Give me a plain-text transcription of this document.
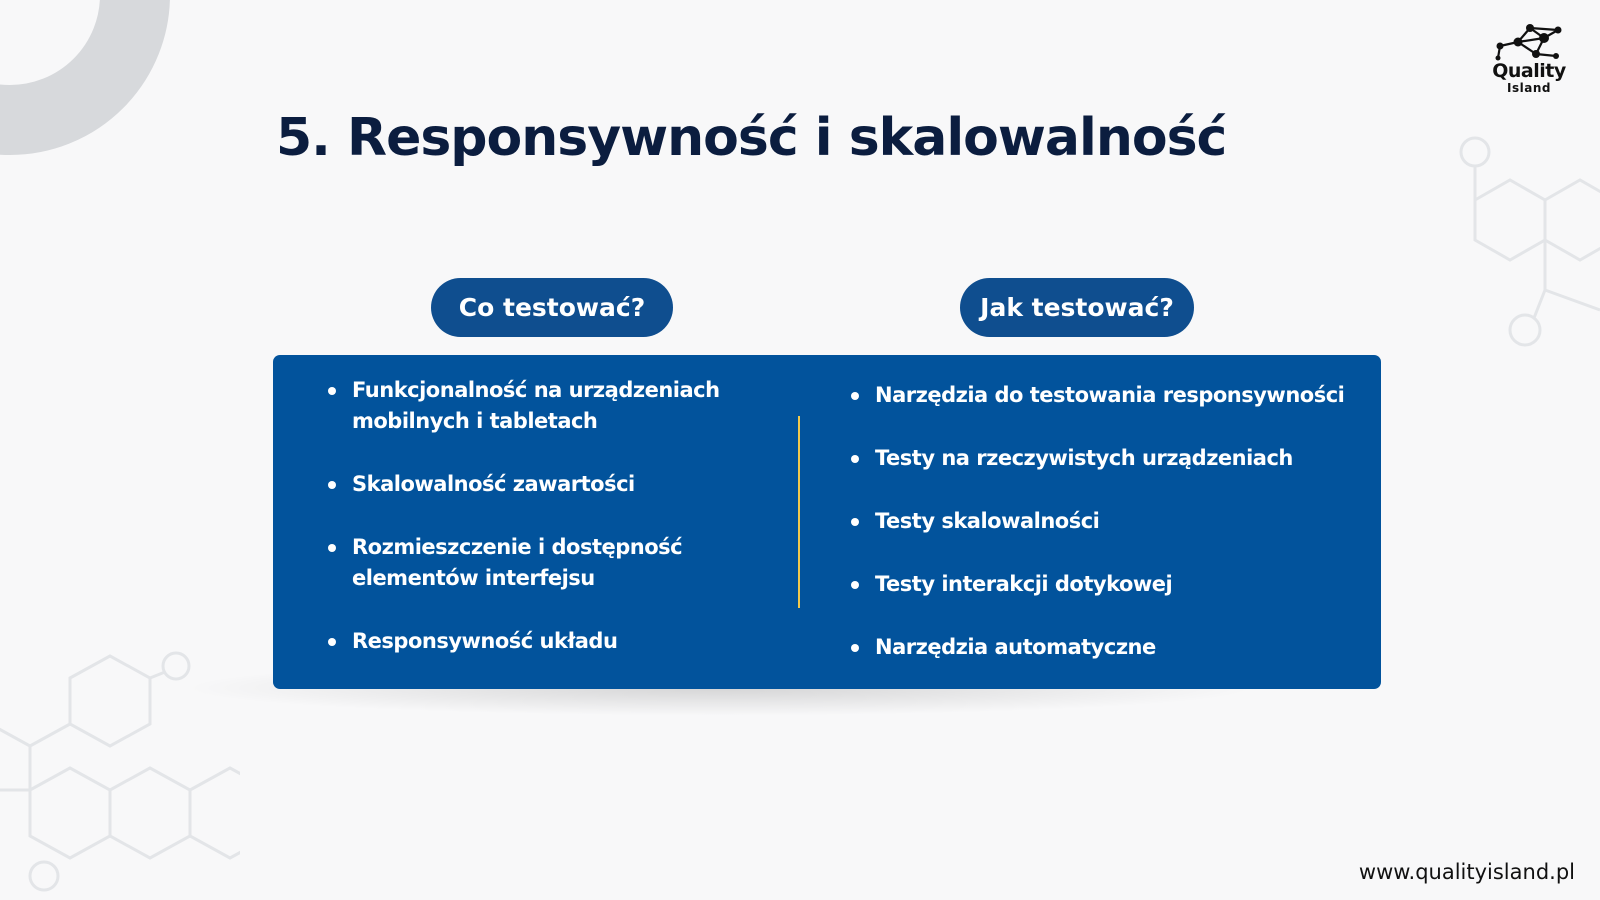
Quality
Island
5. Responsywność i skalowalność
Co testować?	Jak testować?
Funkcjonalność na urządzeniach mobilnych i tabletach
Skalowalność zawartości
Rozmieszczenie i dostępność elementów interfejsu
Responsywność układu
Narzędzia do testowania responsywności
Testy na rzeczywistych urządzeniach
Testy skalowalności
Testy interakcji dotykowej
Narzędzia automatyczne
www.qualityisland.pl
